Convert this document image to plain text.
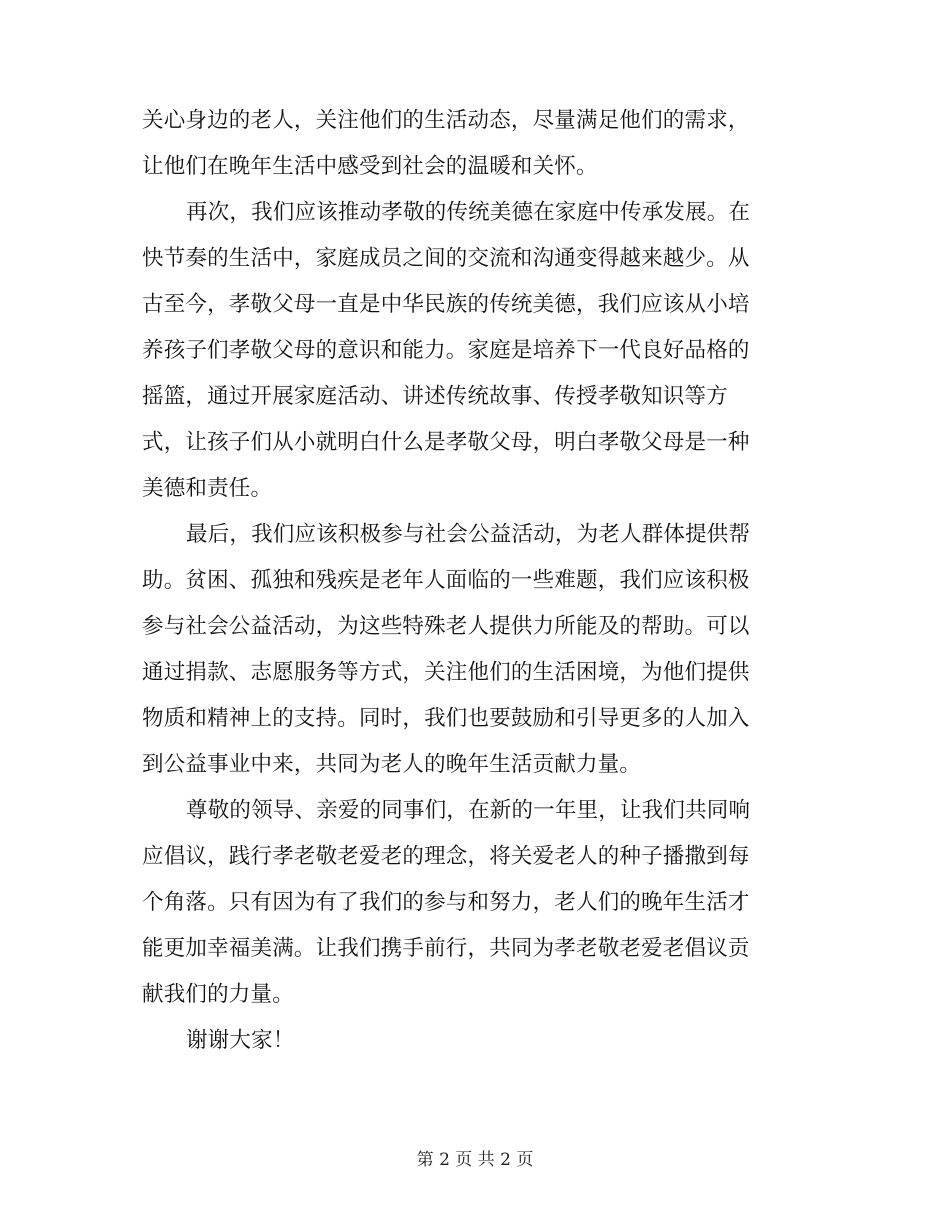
关心身边的老人，关注他们的生活动态，尽量满足他们的需求，
让他们在晚年生活中感受到社会的温暖和关怀。
再次，我们应该推动孝敬的传统美德在家庭中传承发展。在
快节奏的生活中，家庭成员之间的交流和沟通变得越来越少。从
古至今，孝敬父母一直是中华民族的传统美德，我们应该从小培
养孩子们孝敬父母的意识和能力。家庭是培养下一代良好品格的
摇篮，通过开展家庭活动、讲述传统故事、传授孝敬知识等方
式，让孩子们从小就明白什么是孝敬父母，明白孝敬父母是一种
美德和责任。
最后，我们应该积极参与社会公益活动，为老人群体提供帮
助。贫困、孤独和残疾是老年人面临的一些难题，我们应该积极
参与社会公益活动，为这些特殊老人提供力所能及的帮助。可以
通过捐款、志愿服务等方式，关注他们的生活困境，为他们提供
物质和精神上的支持。同时，我们也要鼓励和引导更多的人加入
到公益事业中来，共同为老人的晚年生活贡献力量。
尊敬的领导、亲爱的同事们，在新的一年里，让我们共同响
应倡议，践行孝老敬老爱老的理念，将关爱老人的种子播撒到每
个角落。只有因为有了我们的参与和努力，老人们的晚年生活才
能更加幸福美满。让我们携手前行，共同为孝老敬老爱老倡议贡
献我们的力量。
谢谢大家！
第 2 页 共 2 页
